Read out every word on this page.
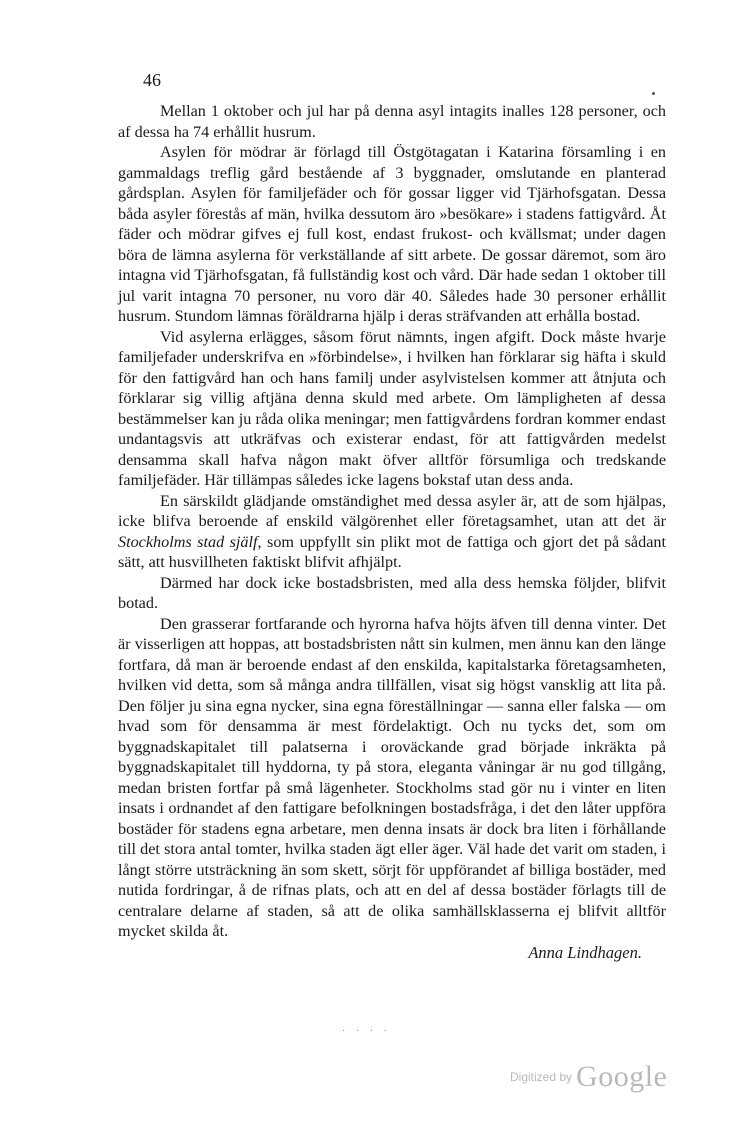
46

Mellan 1 oktober och jul har på denna asyl intagits inalles 128 personer, och af dessa ha 74 erhållit husrum.

Asylen för mödrar är förlagd till Östgötagatan i Katarina församling i en gammaldags treflig gård bestående af 3 byggnader, omslutande en planterad gårdsplan. Asylen för familjefäder och för gossar ligger vid Tjärhofsgatan. Dessa båda asyler förestås af män, hvilka dessutom äro »besökare» i stadens fattigvård. Åt fäder och mödrar gifves ej full kost, endast frukost- och kvällsmat; under dagen böra de lämna asylerna för verkställande af sitt arbete. De gossar däremot, som äro intagna vid Tjärhofsgatan, få fullständig kost och vård. Där hade sedan 1 oktober till jul varit intagna 70 personer, nu voro där 40. Således hade 30 personer erhållit husrum. Stundom lämnas föräldrarna hjälp i deras sträfvanden att erhålla bostad.

Vid asylerna erlägges, såsom förut nämnts, ingen afgift. Dock måste hvarje familjefader underskrifva en »förbindelse», i hvilken han förklarar sig häfta i skuld för den fattigvård han och hans familj under asylvistelsen kommer att åtnjuta och förklarar sig villig aftjäna denna skuld med arbete. Om lämpligheten af dessa bestämmelser kan ju råda olika meningar; men fattigvårdens fordran kommer endast undantagsvis att utkräfvas och existerar endast, för att fattigvården medelst densamma skall hafva någon makt öfver alltför försumliga och tredskande familjefäder. Här tillämpas således icke lagens bokstaf utan dess anda.

En särskildt glädjande omständighet med dessa asyler är, att de som hjälpas, icke blifva beroende af enskild välgörenhet eller företagsamhet, utan att det är Stockholms stad själf, som uppfyllt sin plikt mot de fattiga och gjort det på sådant sätt, att husvillheten faktiskt blifvit afhjälpt.

Därmed har dock icke bostadsbristen, med alla dess hemska följder, blifvit botad.

Den grasserar fortfarande och hyrorna hafva höjts äfven till denna vinter. Det är visserligen att hoppas, att bostadsbristen nått sin kulmen, men ännu kan den länge fortfara, då man är beroende endast af den enskilda, kapitalstarka företagsamheten, hvilken vid detta, som så många andra tillfällen, visat sig högst vansklig att lita på. Den följer ju sina egna nycker, sina egna föreställningar — sanna eller falska — om hvad som för densamma är mest fördelaktigt. Och nu tycks det, som om byggnadskapitalet till palatserna i oroväckande grad började inkräkta på byggnadskapitalet till hyddorna, ty på stora, eleganta våningar är nu god tillgång, medan bristen fortfar på små lägenheter. Stockholms stad gör nu i vinter en liten insats i ordnandet af den fattigare befolkningen bostadsfråga, i det den låter uppföra bostäder för stadens egna arbetare, men denna insats är dock bra liten i förhållande till det stora antal tomter, hvilka staden ägt eller äger. Väl hade det varit om staden, i långt större utsträckning än som skett, sörjt för uppförandet af billiga bostäder, med nutida fordringar, å de rifnas plats, och att en del af dessa bostäder förlagts till de centralare delarne af staden, så att de olika samhällsklasserna ej blifvit alltför mycket skilda åt.

Anna Lindhagen.

· · · ·
Digitized by Google
